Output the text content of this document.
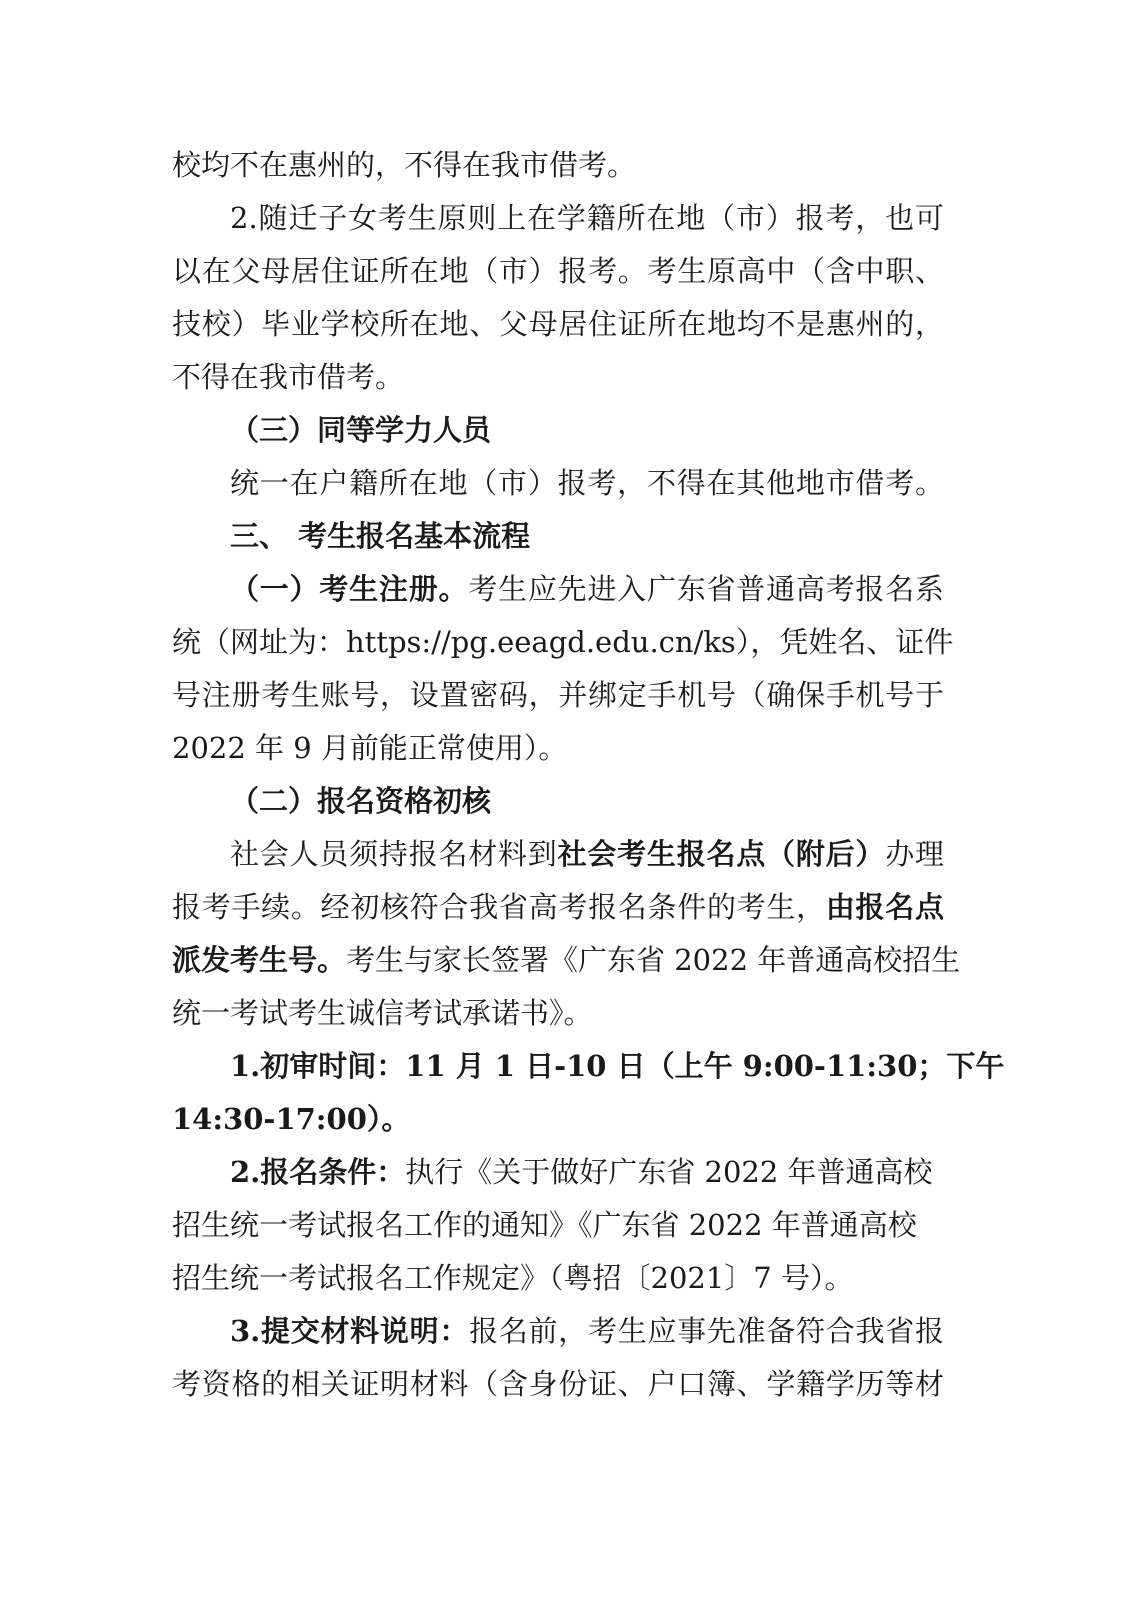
校均不在惠州的，不得在我市借考。
2.随迁子女考生原则上在学籍所在地（市）报考，也可
以在父母居住证所在地（市）报考。考生原高中（含中职、
技校）毕业学校所在地、父母居住证所在地均不是惠州的，
不得在我市借考。
（三）同等学力人员
统一在户籍所在地（市）报考，不得在其他地市借考。
三、 考生报名基本流程
（一）考生注册。考生应先进入广东省普通高考报名系
统（网址为：https://pg.eeagd.edu.cn/ks），凭姓名、证件
号注册考生账号，设置密码，并绑定手机号（确保手机号于
2022 年 9 月前能正常使用）。
（二）报名资格初核
社会人员须持报名材料到社会考生报名点（附后）办理
报考手续。经初核符合我省高考报名条件的考生，由报名点
派发考生号。考生与家长签署《广东省 2022 年普通高校招生
统一考试考生诚信考试承诺书》。
1.初审时间：11 月 1 日-10 日（上午 9:00-11:30；下午
14:30-17:00）。
2.报名条件：执行《关于做好广东省 2022 年普通高校
招生统一考试报名工作的通知》《广东省 2022 年普通高校
招生统一考试报名工作规定》（粤招〔2021〕7 号）。
3.提交材料说明：报名前，考生应事先准备符合我省报
考资格的相关证明材料（含身份证、户口簿、学籍学历等材
